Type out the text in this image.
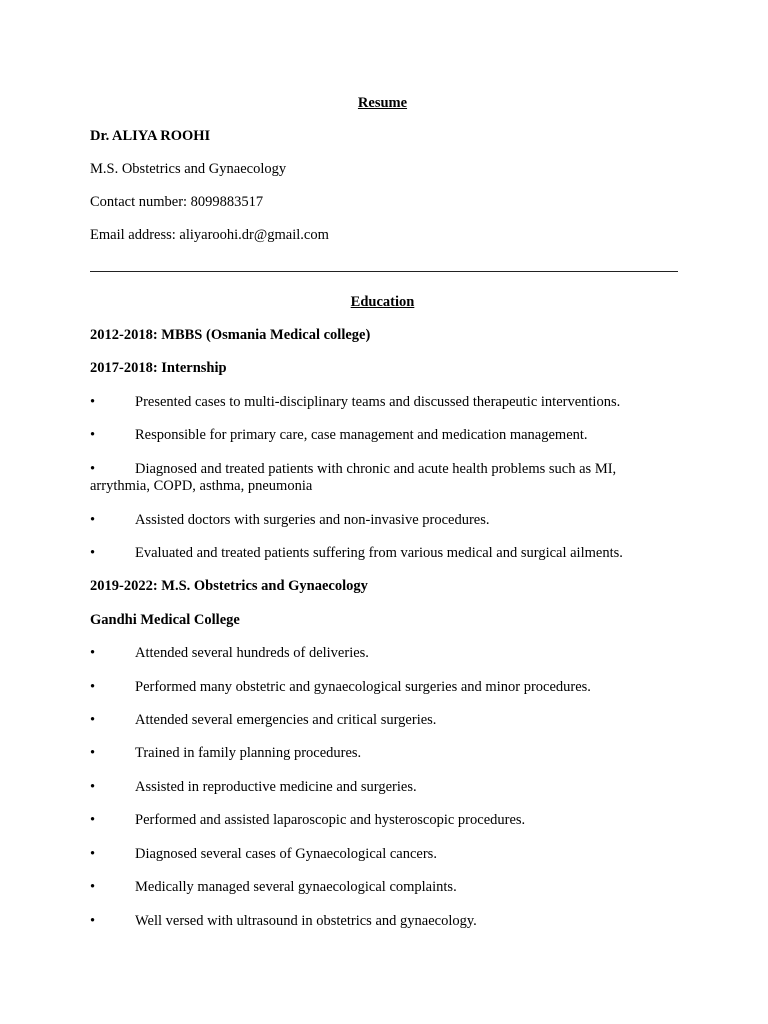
Resume
Dr. ALIYA ROOHI
M.S. Obstetrics and Gynaecology
Contact number: 8099883517
Email address: aliyaroohi.dr@gmail.com
Education
2012-2018: MBBS (Osmania Medical college)
2017-2018: Internship
•	Presented cases to multi-disciplinary teams and discussed therapeutic interventions.
•	Responsible for primary care, case management and medication management.
•	Diagnosed and treated patients with chronic and acute health problems such as MI, arrythmia, COPD, asthma, pneumonia
•	Assisted doctors with surgeries and non-invasive procedures.
•	Evaluated and treated patients suffering from various medical and surgical ailments.
2019-2022: M.S. Obstetrics and Gynaecology
Gandhi Medical College
•	Attended several hundreds of deliveries.
•	Performed many obstetric and gynaecological surgeries and minor procedures.
•	Attended several emergencies and critical surgeries.
•	Trained in family planning procedures.
•	Assisted in reproductive medicine and surgeries.
•	Performed and assisted laparoscopic and hysteroscopic procedures.
•	Diagnosed several cases of Gynaecological cancers.
•	Medically managed several gynaecological complaints.
•	Well versed with ultrasound in obstetrics and gynaecology.
